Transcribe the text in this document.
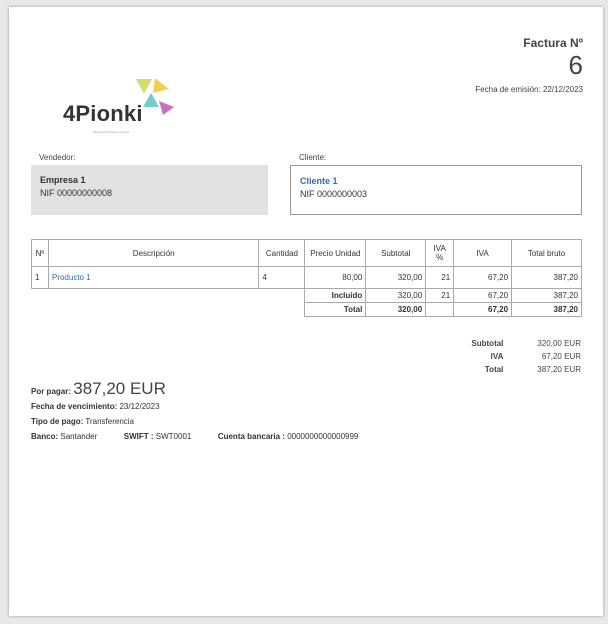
Factura Nº
6
Fecha de emisión: 22/12/2023
4Pionki
Mega technologie voorleed
Vendedor:
Empresa 1
NIF 00000000008
Cliente:
Cliente 1
NIF 0000000003
Nº	Descripción	Cantidad	Precio Unidad	Subtotal	IVA %	IVA	Total bruto
1	Producto 1	4	80,00	320,00	21	67,20	387,20
			Incluido	320,00	21	67,20	387,20
			Total	320,00		67,20	387,20
Subtotal	320,00 EUR
IVA	67,20 EUR
Total	387,20 EUR
Por pagar: 387,20 EUR
Fecha de vencimiento: 23/12/2023
Tipo de pago: Transferencia
Banco: Santander	SWIFT : SWT0001	Cuenta bancaria : 0000000000000999
